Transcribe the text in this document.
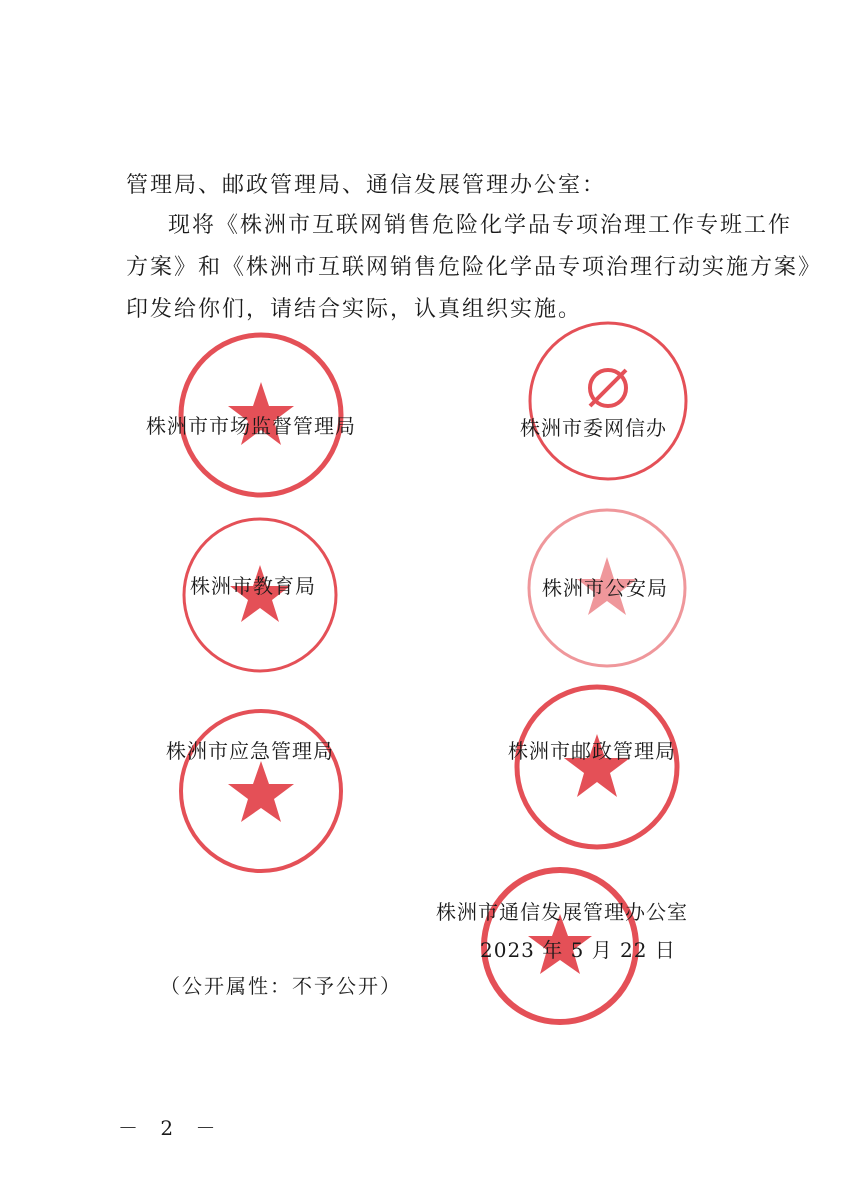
管理局、邮政管理局、通信发展管理办公室：
现将《株洲市互联网销售危险化学品专项治理工作专班工作
方案》和《株洲市互联网销售危险化学品专项治理行动实施方案》
印发给你们，请结合实际，认真组织实施。
株洲市市场监督管理局	株洲市委网信办
株洲市教育局	株洲市公安局
株洲市应急管理局	株洲市邮政管理局
株洲市通信发展管理办公室
2023 年 5 月 22 日
（公开属性：不予公开）
－ 2 －
